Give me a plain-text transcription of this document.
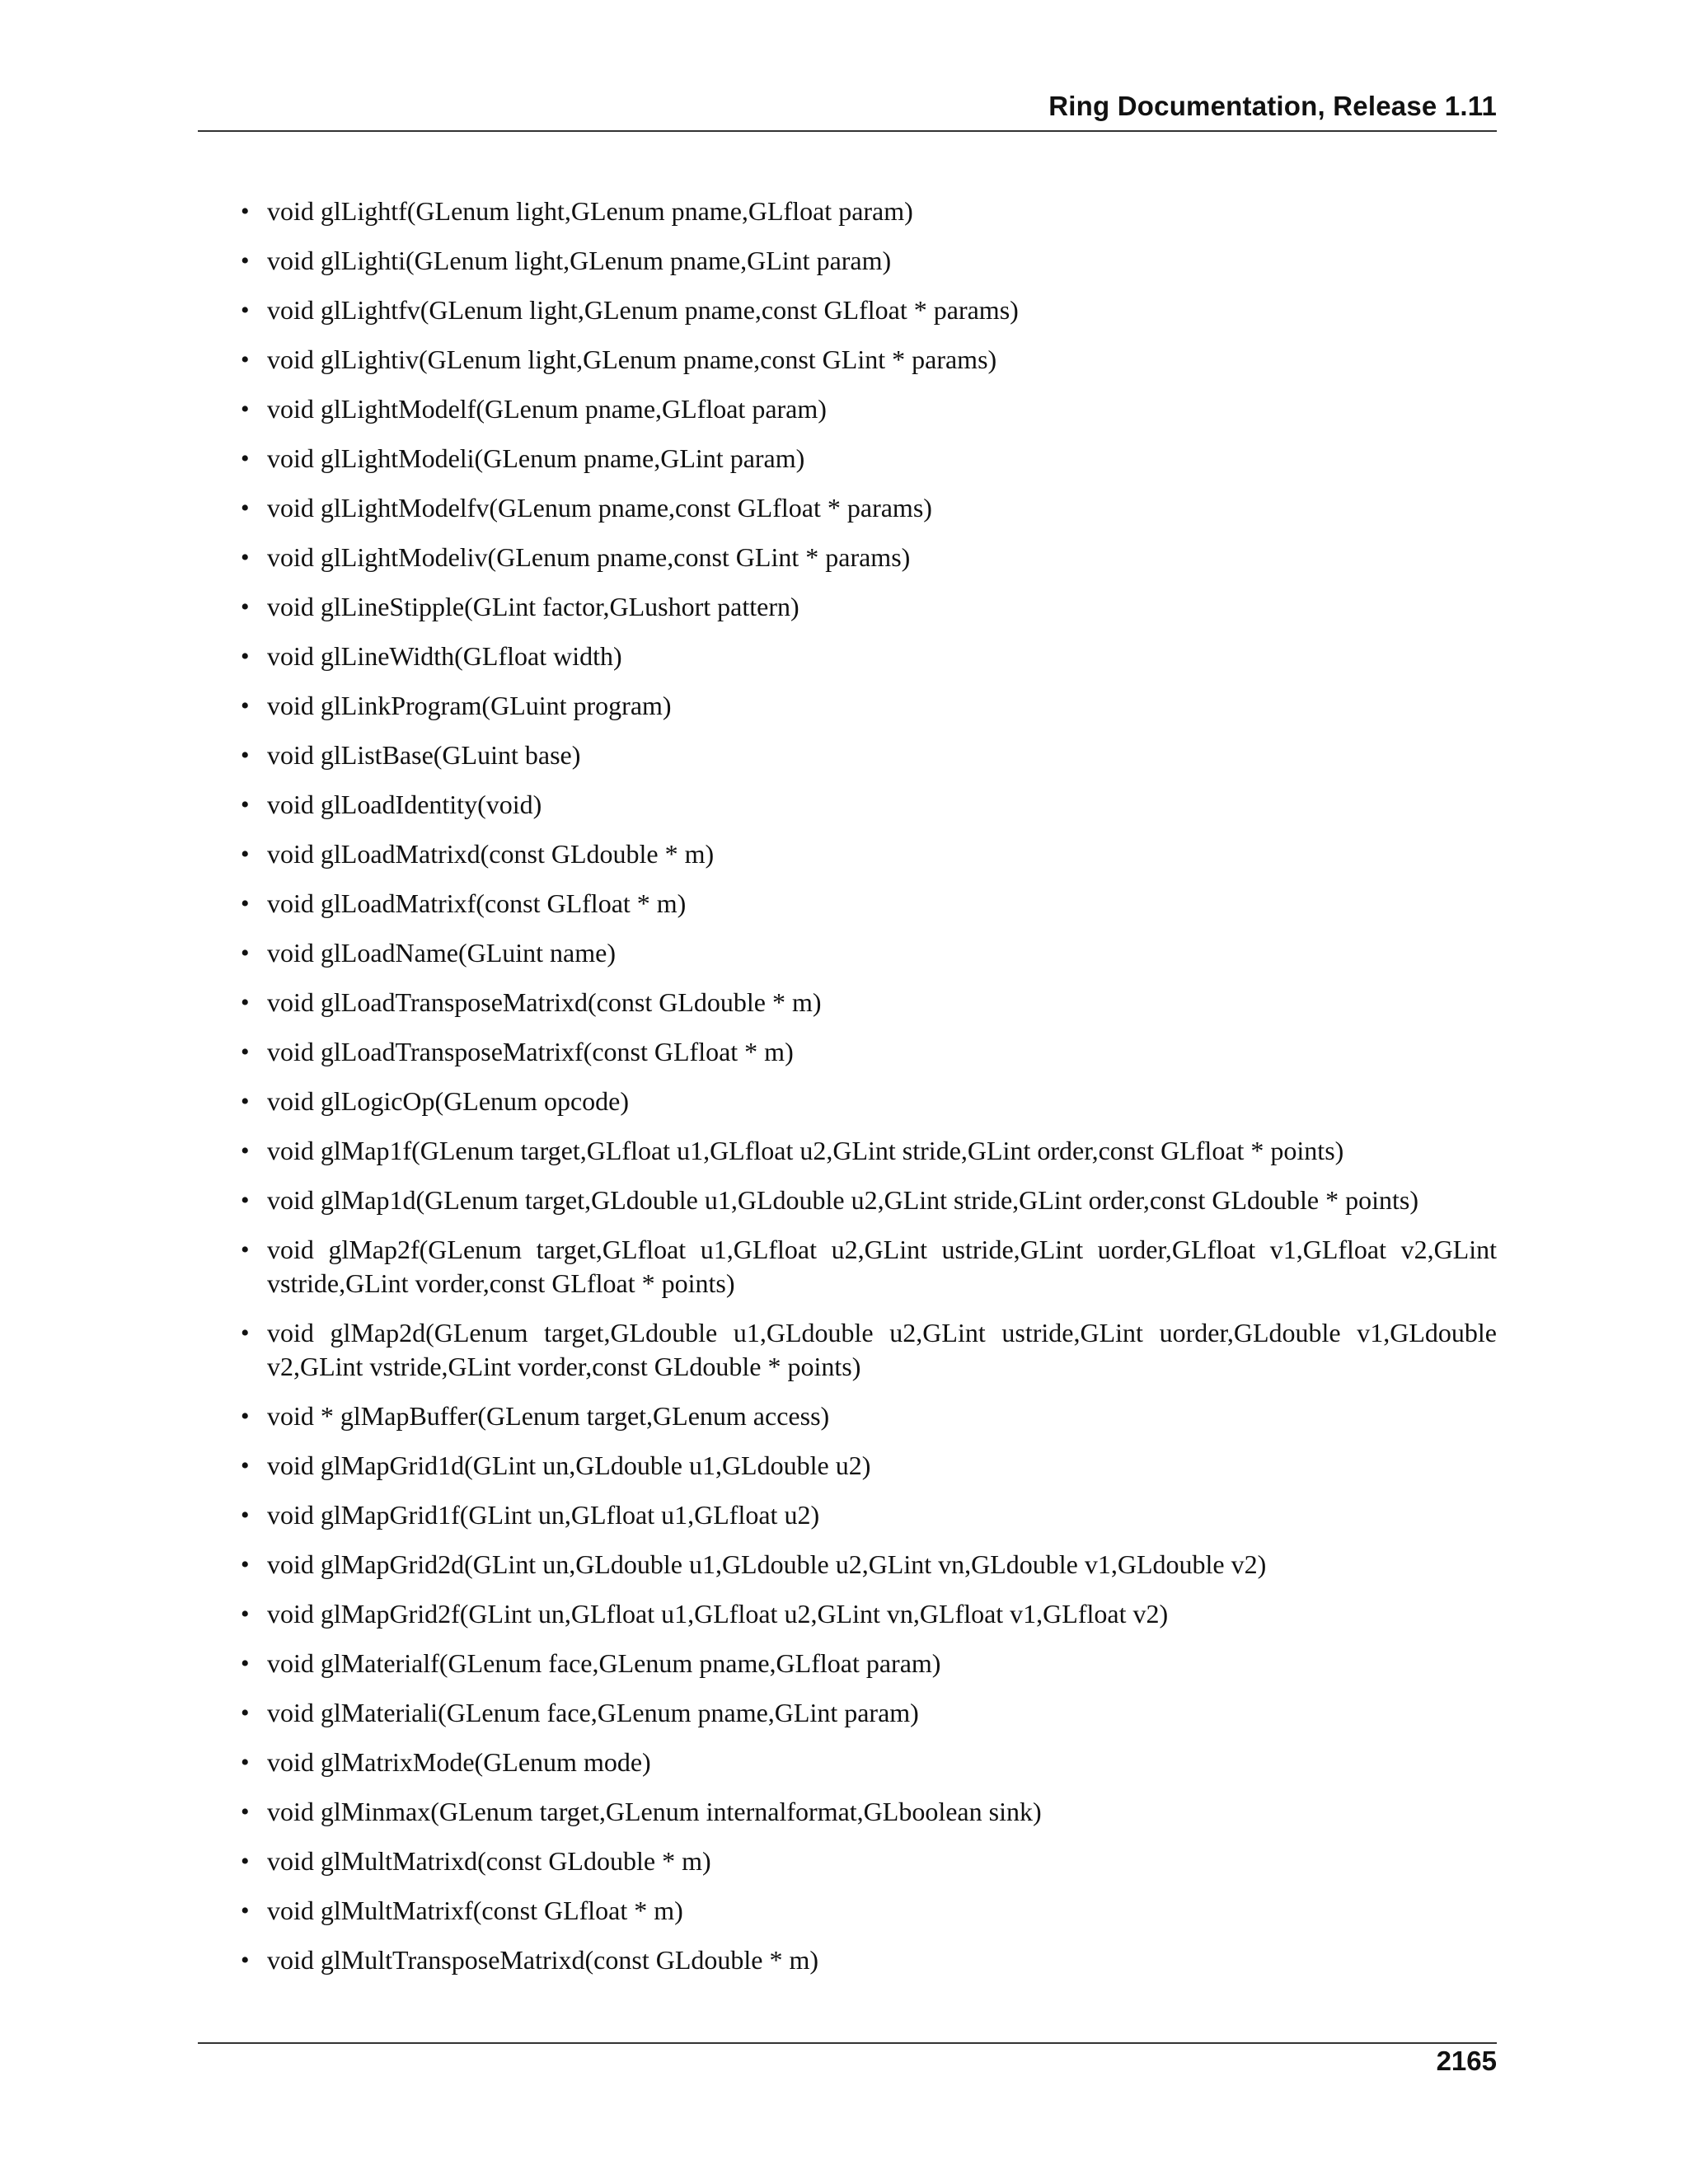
Ring Documentation, Release 1.11
• void glLightf(GLenum light,GLenum pname,GLfloat param)
• void glLighti(GLenum light,GLenum pname,GLint param)
• void glLightfv(GLenum light,GLenum pname,const GLfloat * params)
• void glLightiv(GLenum light,GLenum pname,const GLint * params)
• void glLightModelf(GLenum pname,GLfloat param)
• void glLightModeli(GLenum pname,GLint param)
• void glLightModelfv(GLenum pname,const GLfloat * params)
• void glLightModeliv(GLenum pname,const GLint * params)
• void glLineStipple(GLint factor,GLushort pattern)
• void glLineWidth(GLfloat width)
• void glLinkProgram(GLuint program)
• void glListBase(GLuint base)
• void glLoadIdentity(void)
• void glLoadMatrixd(const GLdouble * m)
• void glLoadMatrixf(const GLfloat * m)
• void glLoadName(GLuint name)
• void glLoadTransposeMatrixd(const GLdouble * m)
• void glLoadTransposeMatrixf(const GLfloat * m)
• void glLogicOp(GLenum opcode)
• void glMap1f(GLenum target,GLfloat u1,GLfloat u2,GLint stride,GLint order,const GLfloat * points)
• void glMap1d(GLenum target,GLdouble u1,GLdouble u2,GLint stride,GLint order,const GLdouble * points)
• void glMap2f(GLenum target,GLfloat u1,GLfloat u2,GLint ustride,GLint uorder,GLfloat v1,GLfloat v2,GLint vstride,GLint vorder,const GLfloat * points)
• void glMap2d(GLenum target,GLdouble u1,GLdouble u2,GLint ustride,GLint uorder,GLdouble v1,GLdouble v2,GLint vstride,GLint vorder,const GLdouble * points)
• void * glMapBuffer(GLenum target,GLenum access)
• void glMapGrid1d(GLint un,GLdouble u1,GLdouble u2)
• void glMapGrid1f(GLint un,GLfloat u1,GLfloat u2)
• void glMapGrid2d(GLint un,GLdouble u1,GLdouble u2,GLint vn,GLdouble v1,GLdouble v2)
• void glMapGrid2f(GLint un,GLfloat u1,GLfloat u2,GLint vn,GLfloat v1,GLfloat v2)
• void glMaterialf(GLenum face,GLenum pname,GLfloat param)
• void glMateriali(GLenum face,GLenum pname,GLint param)
• void glMatrixMode(GLenum mode)
• void glMinmax(GLenum target,GLenum internalformat,GLboolean sink)
• void glMultMatrixd(const GLdouble * m)
• void glMultMatrixf(const GLfloat * m)
• void glMultTransposeMatrixd(const GLdouble * m)
2165
